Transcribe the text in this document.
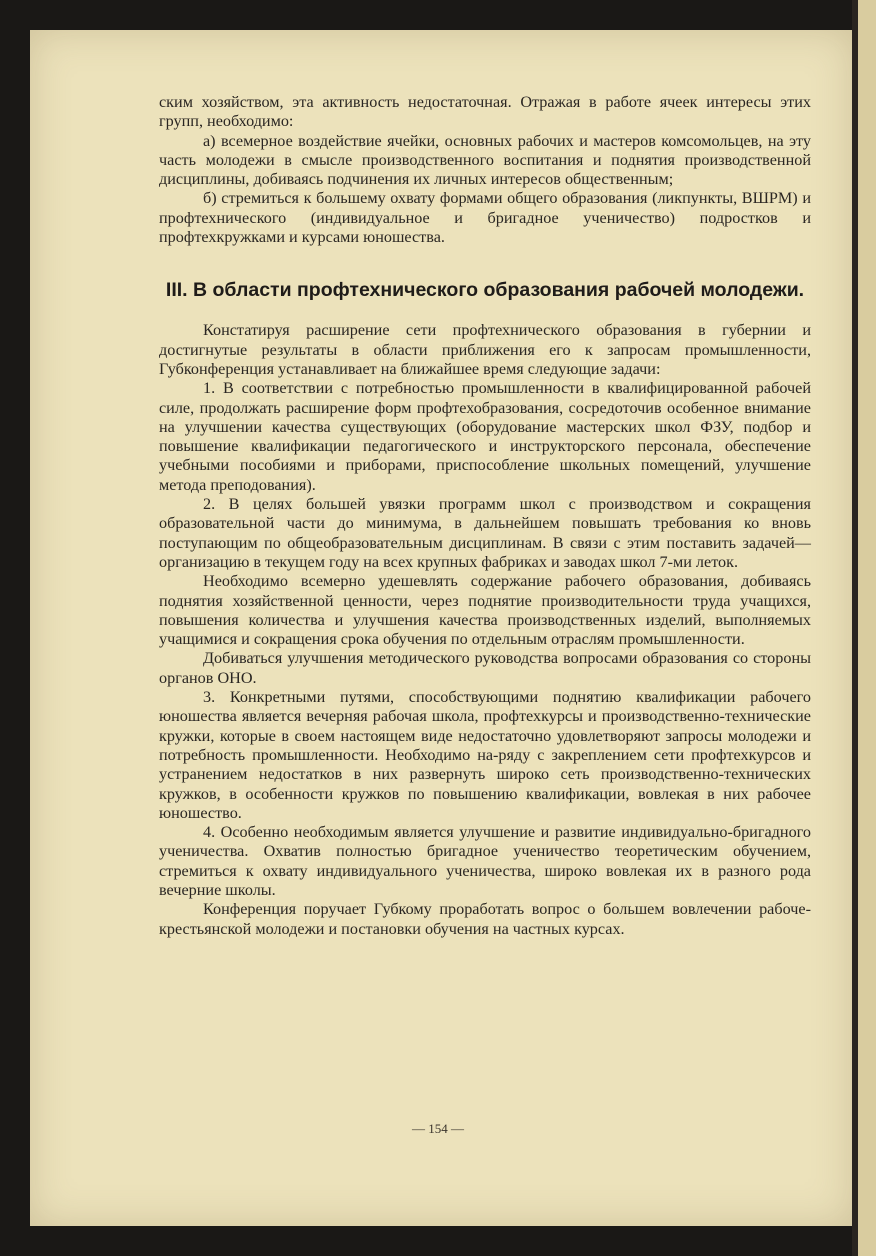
ским хозяйством, эта активность недостаточная. Отражая в работе ячеек интересы этих групп, необходимо:

а) всемерное воздействие ячейки, основных рабочих и мастеров комсомольцев, на эту часть молодежи в смысле производственного воспитания и поднятия производственной дисциплины, добиваясь подчинения их личных интересов общественным;

б) стремиться к большему охвату формами общего образования (ликпункты, ВШРМ) и профтехнического (индивидуальное и бригадное ученичество) подростков и профтехкружками и курсами юношества.

III. В области профтехнического образования рабочей молодежи.

Констатируя расширение сети профтехнического образования в губернии и достигнутые результаты в области приближения его к запросам промышленности, Губконференция устанавливает на ближайшее время следующие задачи:

1. В соответствии с потребностью промышленности в квалифицированной рабочей силе, продолжать расширение форм профтехобразования, сосредоточив особенное внимание на улучшении качества существующих (оборудование мастерских школ ФЗУ, подбор и повышение квалификации педагогического и инструкторского персонала, обеспечение учебными пособиями и приборами, приспособление школьных помещений, улучшение метода преподования).

2. В целях большей увязки программ школ с производством и сокращения образовательной части до минимума, в дальнейшем повышать требования ко вновь поступающим по общеобразовательным дисциплинам. В связи с этим поставить задачей—организацию в текущем году на всех крупных фабриках и заводах школ 7-ми леток.

Необходимо всемерно удешевлять содержание рабочего образования, добиваясь поднятия хозяйственной ценности, через поднятие производительности труда учащихся, повышения количества и улучшения качества производственных изделий, выполняемых учащимися и сокращения срока обучения по отдельным отраслям промышленности.

Добиваться улучшения методического руководства вопросами образования со стороны органов ОНО.

3. Конкретными путями, способствующими поднятию квалификации рабочего юношества является вечерняя рабочая школа, профтехкурсы и производственно-технические кружки, которые в своем настоящем виде недостаточно удовлетворяют запросы молодежи и потребность промышленности. Необходимо на-ряду с закреплением сети профтехкурсов и устранением недостатков в них развернуть широко сеть производственно-технических кружков, в особенности кружков по повышению квалификации, вовлекая в них рабочее юношество.

4. Особенно необходимым является улучшение и развитие индивидуально-бригадного ученичества. Охватив полностью бригадное ученичество теоретическим обучением, стремиться к охвату индивидуального ученичества, широко вовлекая их в разного рода вечерние школы.

Конференция поручает Губкому проработать вопрос о большем вовлечении рабоче-крестьянской молодежи и постановки обучения на частных курсах.

— 154 —
